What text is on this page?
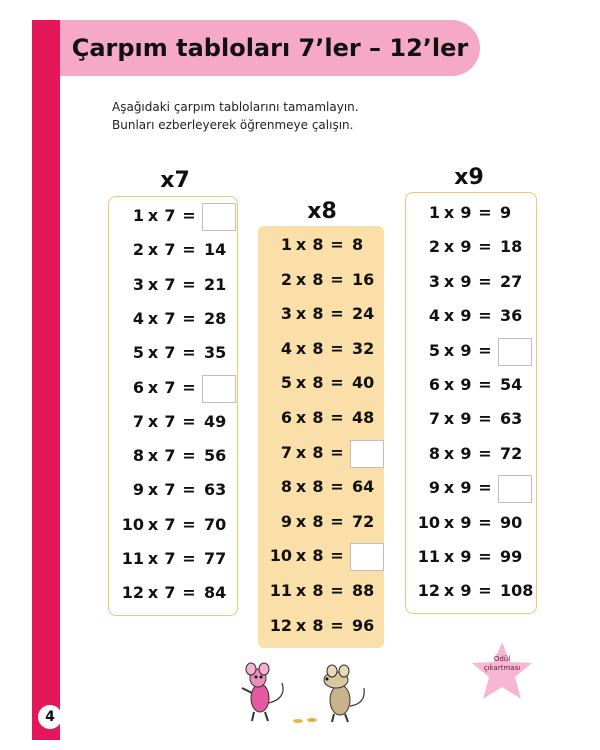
Çarpım tabloları 7’ler – 12’ler
Aşağıdaki çarpım tablolarını tamamlayın.
Bunları ezberleyerek öğrenmeye çalışın.
x7
x8
x9
Ödül
çıkartması
4
1 x 7 =
2 x 7 = 14
3 x 7 = 21
4 x 7 = 28
5 x 7 = 35
6 x 7 =
7 x 7 = 49
8 x 7 = 56
9 x 7 = 63
10 x 7 = 70
11 x 7 = 77
12 x 7 = 84
1 x 8 = 8
2 x 8 = 16
3 x 8 = 24
4 x 8 = 32
5 x 8 = 40
6 x 8 = 48
7 x 8 =
8 x 8 = 64
9 x 8 = 72
10 x 8 =
11 x 8 = 88
12 x 8 = 96
1 x 9 = 9
2 x 9 = 18
3 x 9 = 27
4 x 9 = 36
5 x 9 =
6 x 9 = 54
7 x 9 = 63
8 x 9 = 72
9 x 9 =
10 x 9 = 90
11 x 9 = 99
12 x 9 = 108
